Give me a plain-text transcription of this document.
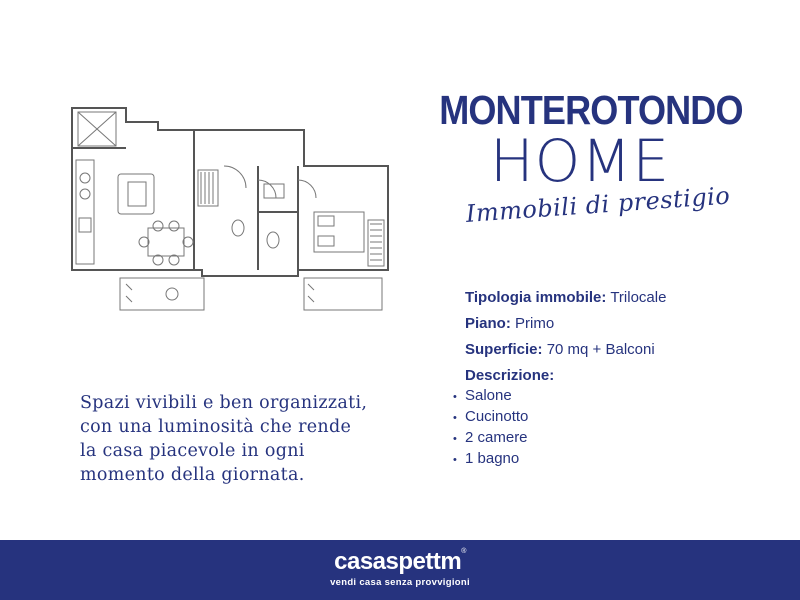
MONTEROTONDO
HOME
Immobili di prestigio
Tipologia immobile: Trilocale
Piano: Primo
Superficie: 70 mq + Balconi
Descrizione:
• Salone
• Cucinotto
• 2 camere
• 1 bagno
Spazi vivibili e ben organizzati,
con una luminosità che rende
la casa piacevole in ogni
momento della giornata.
casaspettm®
vendi casa senza provvigioni
